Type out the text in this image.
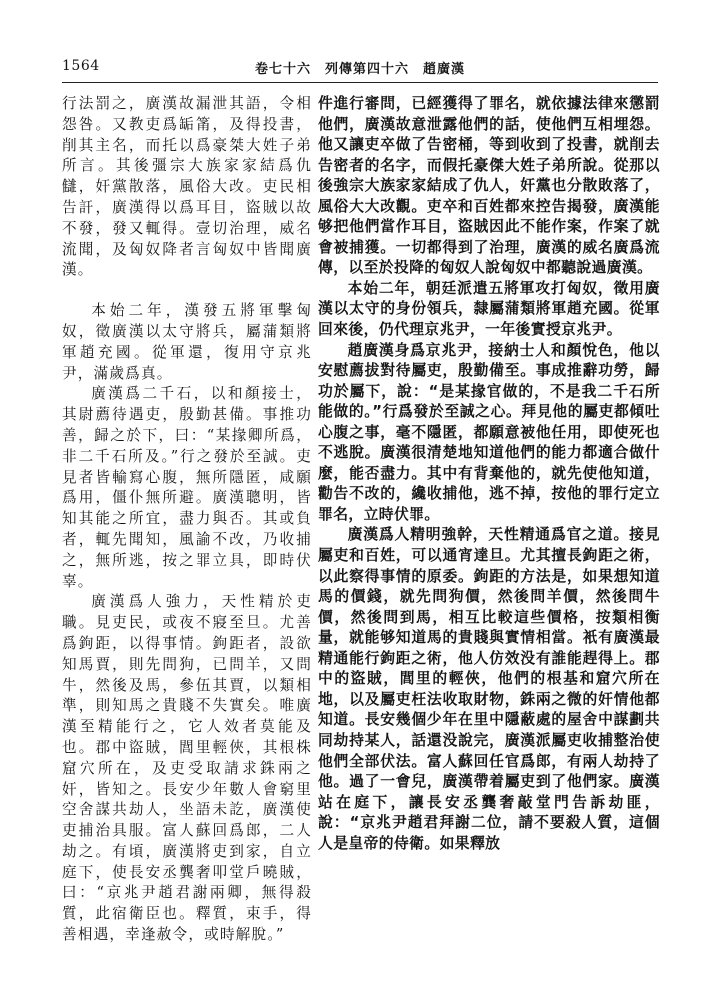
1564	卷七十六　列傳第四十六　趙廣漢

行法罰之，廣漢故漏泄其語，令相怨咎。又教吏爲缿筩，及得投書，削其主名，而托以爲豪桀大姓子弟所言。其後彊宗大族家家結爲仇讎，奸黨散落，風俗大改。吏民相告訐，廣漢得以爲耳目，盜賊以故不發，發又輒得。壹切治理，威名流聞，及匈奴降者言匈奴中皆聞廣漢。

本始二年，漢發五將軍擊匈奴，徵廣漢以太守將兵，屬蒲類將軍趙充國。從軍還，復用守京兆尹，滿歲爲真。

廣漢爲二千石，以和顏接士，其尉薦待遇吏，殷勤甚備。事推功善，歸之於下，曰：“某掾卿所爲，非二千石所及。”行之發於至誠。吏見者皆輸寫心腹，無所隱匿，咸願爲用，僵仆無所避。廣漢聰明，皆知其能之所宜，盡力與否。其或負者，輒先聞知，風諭不改，乃收捕之，無所逃，按之罪立具，即時伏辜。

廣漢爲人強力，天性精於吏職。見吏民，或夜不寢至旦。尤善爲鉤距，以得事情。鉤距者，設欲知馬賈，則先問狗，已問羊，又問牛，然後及馬，參伍其賈，以類相準，則知馬之貴賤不失實矣。唯廣漢至精能行之，它人效者莫能及也。郡中盜賊，閭里輕俠，其根株窟穴所在，及吏受取請求銖兩之奸，皆知之。長安少年數人會窮里空舍謀共劫人，坐語未訖，廣漢使吏捕治具服。富人蘇回爲郎，二人劫之。有頃，廣漢將吏到家，自立庭下，使長安丞龔奢叩堂戶曉賊，曰：“京兆尹趙君謝兩卿，無得殺質，此宿衛臣也。釋質，束手，得善相遇，幸逢赦令，或時解脫。”

件進行審問，已經獲得了罪名，就依據法律來懲罰他們，廣漢故意泄露他們的話，使他們互相埋怨。他又讓吏卒做了告密桶，等到收到了投書，就削去告密者的名字，而假托豪傑大姓子弟所說。從那以後強宗大族家家結成了仇人，奸黨也分散敗落了，風俗大大改觀。吏卒和百姓都來控告揭發，廣漢能够把他們當作耳目，盜賊因此不能作案，作案了就會被捕獲。一切都得到了治理，廣漢的威名廣爲流傳，以至於投降的匈奴人說匈奴中都聽說過廣漢。

本始二年，朝廷派遣五將軍攻打匈奴，徵用廣漢以太守的身份領兵，隸屬蒲類將軍趙充國。從軍回來後，仍代理京兆尹，一年後實授京兆尹。

趙廣漢身爲京兆尹，接納士人和顏悅色，他以安慰薦拔對待屬吏，殷勤備至。事成推辭功勞，歸功於屬下，說：“是某掾官做的，不是我二千石所能做的。”行爲發於至誠之心。拜見他的屬吏都傾吐心腹之事，毫不隱匿，都願意被他任用，即使死也不逃脫。廣漢很清楚地知道他們的能力都適合做什麼，能否盡力。其中有背棄他的，就先使他知道，勸告不改的，纔收捕他，逃不掉，按他的罪行定立罪名，立時伏罪。

廣漢爲人精明強幹，天性精通爲官之道。接見屬吏和百姓，可以通宵達旦。尤其擅長鉤距之術，以此察得事情的原委。鉤距的方法是，如果想知道馬的價錢，就先問狗價，然後問羊價，然後問牛價，然後問到馬，相互比較這些價格，按類相衡量，就能够知道馬的貴賤與實情相當。衹有廣漢最精通能行鉤距之術，他人仿效没有誰能趕得上。郡中的盜賊，閭里的輕俠，他們的根基和窟穴所在地，以及屬吏枉法收取財物，銖兩之微的奸情他都知道。長安幾個少年在里中隱蔽處的屋舍中謀劃共同劫持某人，話還没說完，廣漢派屬吏收捕整治使他們全部伏法。富人蘇回任官爲郎，有兩人劫持了他。過了一會兒，廣漢帶着屬吏到了他們家。廣漢站在庭下，讓長安丞龔奢敲堂門告訴劫匪，說：“京兆尹趙君拜謝二位，請不要殺人質，這個人是皇帝的侍衛。如果釋放
